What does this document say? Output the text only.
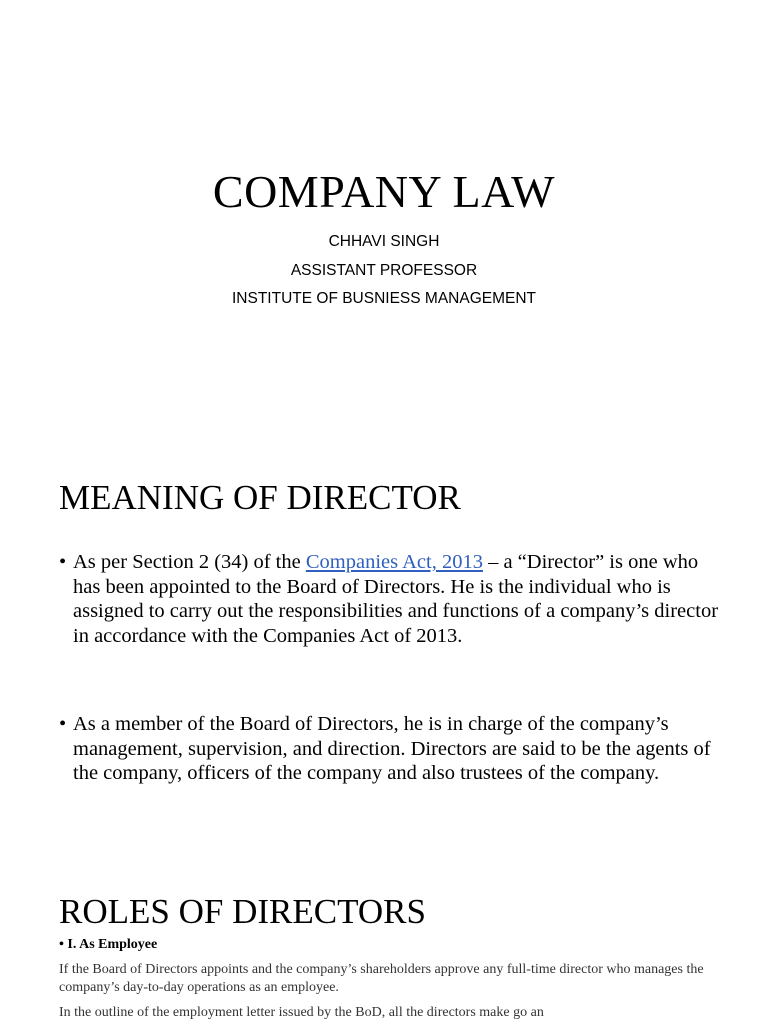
COMPANY LAW
CHHAVI SINGH
ASSISTANT PROFESSOR
INSTITUTE OF BUSNIESS MANAGEMENT
MEANING OF DIRECTOR
• As per Section 2 (34) of the Companies Act, 2013 – a “Director” is one who has been appointed to the Board of Directors. He is the individual who is assigned to carry out the responsibilities and functions of a company’s director in accordance with the Companies Act of 2013.
• As a member of the Board of Directors, he is in charge of the company’s management, supervision, and direction. Directors are said to be the agents of the company, officers of the company and also trustees of the company.
ROLES OF DIRECTORS
• I. As Employee
If the Board of Directors appoints and the company’s shareholders approve any full-time director who manages the company’s day-to-day operations as an employee.
In the outline of the employment letter issued by the BoD, all the directors make go an
